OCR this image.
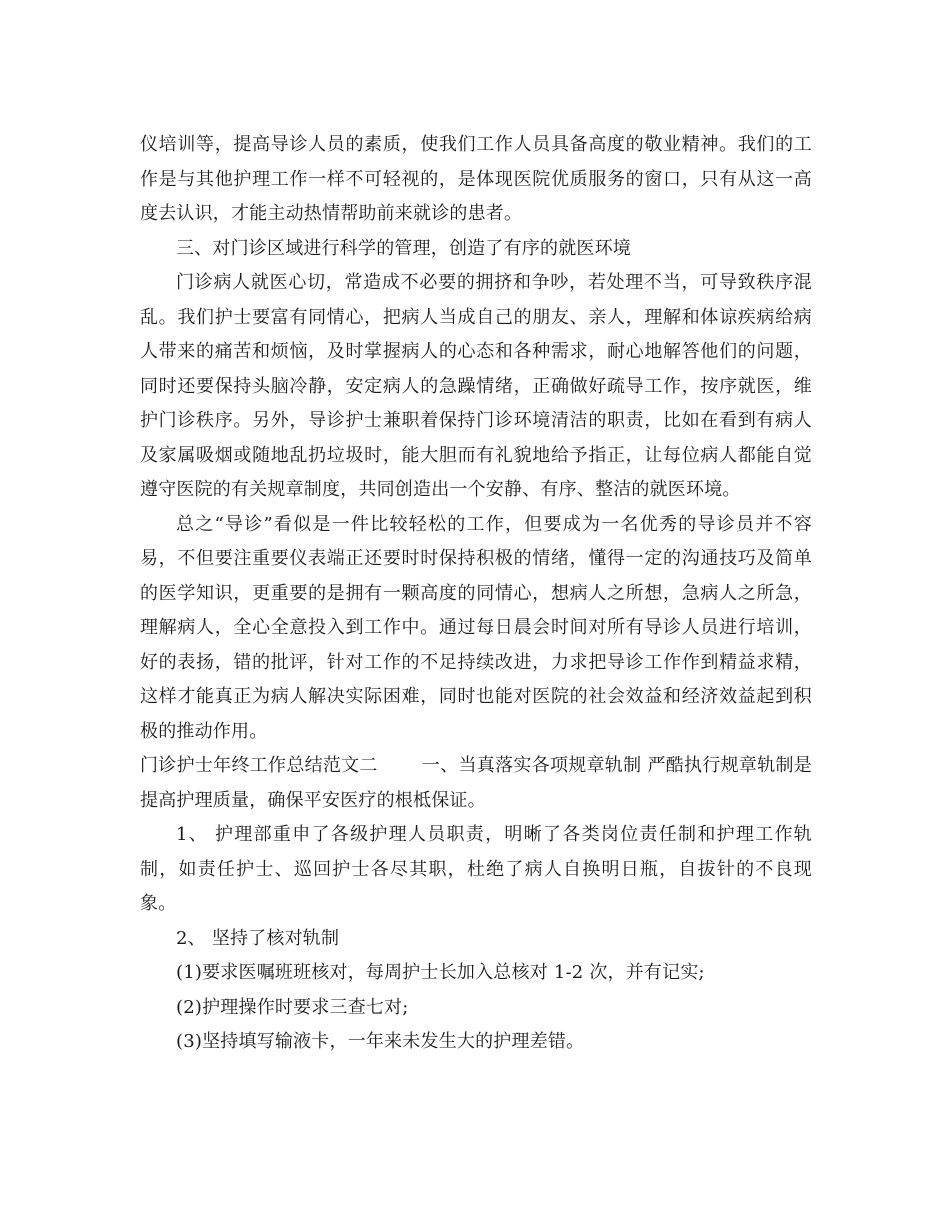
仪培训等，提高导诊人员的素质，使我们工作人员具备高度的敬业精神。我们的工作是与其他护理工作一样不可轻视的，是体现医院优质服务的窗口，只有从这一高度去认识，才能主动热情帮助前来就诊的患者。

三、对门诊区域进行科学的管理，创造了有序的就医环境

门诊病人就医心切，常造成不必要的拥挤和争吵，若处理不当，可导致秩序混乱。我们护士要富有同情心，把病人当成自己的朋友、亲人，理解和体谅疾病给病人带来的痛苦和烦恼，及时掌握病人的心态和各种需求，耐心地解答他们的问题，同时还要保持头脑冷静，安定病人的急躁情绪，正确做好疏导工作，按序就医，维护门诊秩序。另外，导诊护士兼职着保持门诊环境清洁的职责，比如在看到有病人及家属吸烟或随地乱扔垃圾时，能大胆而有礼貌地给予指正，让每位病人都能自觉遵守医院的有关规章制度，共同创造出一个安静、有序、整洁的就医环境。

总之“导诊”看似是一件比较轻松的工作，但要成为一名优秀的导诊员并不容易，不但要注重要仪表端正还要时时保持积极的情绪，懂得一定的沟通技巧及简单的医学知识，更重要的是拥有一颗高度的同情心，想病人之所想，急病人之所急，理解病人，全心全意投入到工作中。通过每日晨会时间对所有导诊人员进行培训，好的表扬，错的批评，针对工作的不足持续改进，力求把导诊工作作到精益求精，这样才能真正为病人解决实际困难，同时也能对医院的社会效益和经济效益起到积极的推动作用。

门诊护士年终工作总结范文二 一、当真落实各项规章轨制 严酷执行规章轨制是提高护理质量，确保平安医疗的根柢保证。

1、 护理部重申了各级护理人员职责，明晰了各类岗位责任制和护理工作轨制，如责任护士、巡回护士各尽其职，杜绝了病人自换明日瓶，自拔针的不良现象。

2、 坚持了核对轨制

(1)要求医嘱班班核对，每周护士长加入总核对 1-2 次，并有记实;

(2)护理操作时要求三查七对;

(3)坚持填写输液卡，一年来未发生大的护理差错。
